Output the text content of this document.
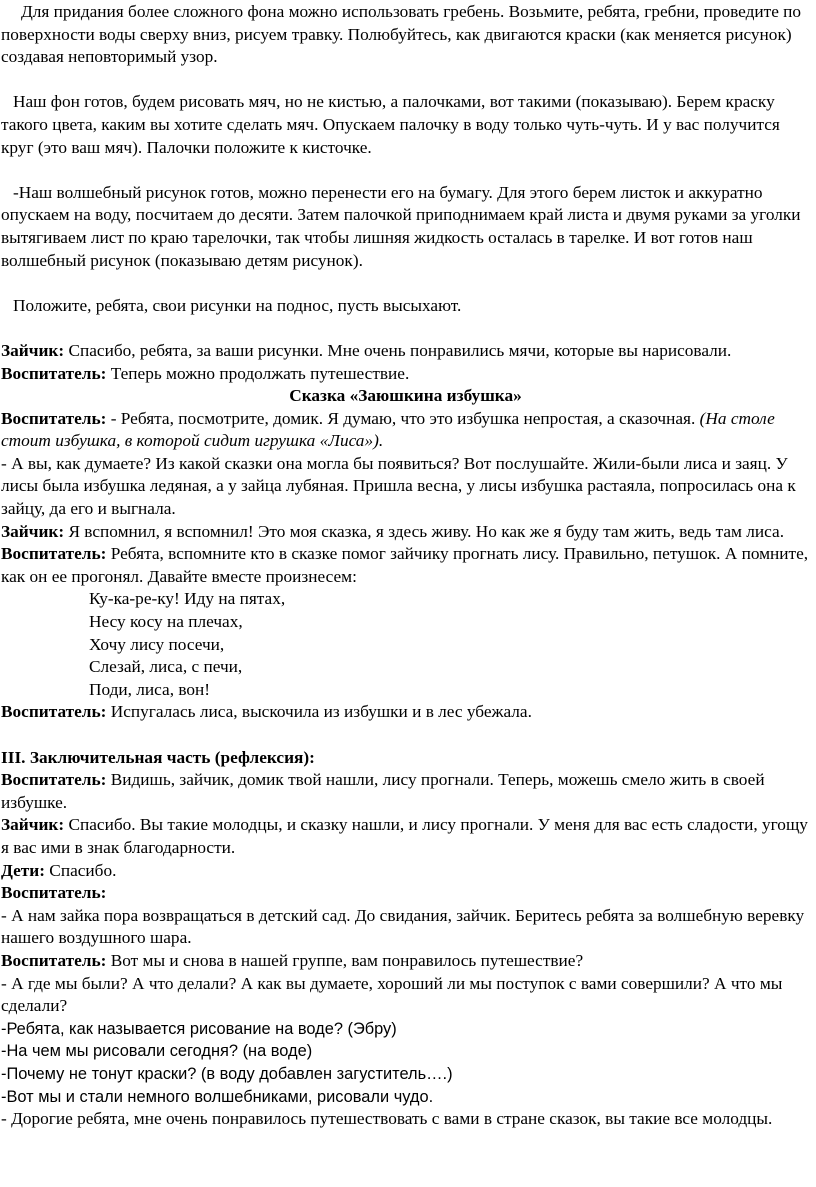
Для придания более сложного фона можно использовать гребень. Возьмите, ребята, гребни, проведите по поверхности воды сверху вниз, рисуем травку. Полюбуйтесь, как двигаются краски (как меняется рисунок) создавая неповторимый узор.

Наш фон готов, будем рисовать мяч, но не кистью, а палочками, вот такими (показываю). Берем краску такого цвета, каким вы хотите сделать мяч. Опускаем палочку в воду только чуть-чуть. И у вас получится круг (это ваш мяч). Палочки положите к кисточке.

-Наш волшебный рисунок готов, можно перенести его на бумагу. Для этого берем листок и аккуратно опускаем на воду, посчитаем до десяти. Затем палочкой приподнимаем край листа и двумя руками за уголки вытягиваем лист по краю тарелочки, так чтобы лишняя жидкость осталась в тарелке. И вот готов наш волшебный рисунок (показываю детям рисунок).

Положите, ребята, свои рисунки на поднос, пусть высыхают.

Зайчик: Спасибо, ребята, за ваши рисунки. Мне очень понравились мячи, которые вы нарисовали.

Воспитатель: Теперь можно продолжать путешествие.

Сказка «Заюшкина избушка»

Воспитатель: - Ребята, посмотрите, домик. Я думаю, что это избушка непростая, а сказочная. (На столе стоит избушка, в которой сидит игрушка «Лиса»).

- А вы, как думаете? Из какой сказки она могла бы появиться? Вот послушайте. Жили-были лиса и заяц. У лисы была избушка ледяная, а у зайца лубяная. Пришла весна, у лисы избушка растаяла, попросилась она к зайцу, да его и выгнала.

Зайчик: Я вспомнил, я вспомнил! Это моя сказка, я здесь живу. Но как же я буду там жить, ведь там лиса.

Воспитатель: Ребята, вспомните кто в сказке помог зайчику прогнать лису. Правильно, петушок. А помните, как он ее прогонял. Давайте вместе произнесем:

Ку-ка-ре-ку! Иду на пятах,

Несу косу на плечах,

Хочу лису посечи,

Слезай, лиса, с печи,

Поди, лиса, вон!

Воспитатель: Испугалась лиса, выскочила из избушки и в лес убежала.

III. Заключительная часть (рефлексия):

Воспитатель: Видишь, зайчик, домик твой нашли, лису прогнали. Теперь, можешь смело жить в своей избушке.

Зайчик: Спасибо. Вы такие молодцы, и сказку нашли, и лису прогнали. У меня для вас есть сладости, угощу я вас ими в знак благодарности.

Дети: Спасибо.

Воспитатель:

- А нам зайка пора возвращаться в детский сад. До свидания, зайчик. Беритесь ребята за волшебную веревку нашего воздушного шара.

Воспитатель: Вот мы и снова в нашей группе, вам понравилось путешествие?

- А где мы были? А что делали? А как вы думаете, хороший ли мы поступок с вами совершили? А что мы сделали?

-Ребята, как называется рисование на воде? (Эбру)

-На чем мы рисовали сегодня? (на воде)

-Почему не тонут краски? (в воду добавлен загуститель….)

-Вот мы и стали немного волшебниками, рисовали чудо.

- Дорогие ребята, мне очень понравилось путешествовать с вами в стране сказок, вы такие все молодцы.
